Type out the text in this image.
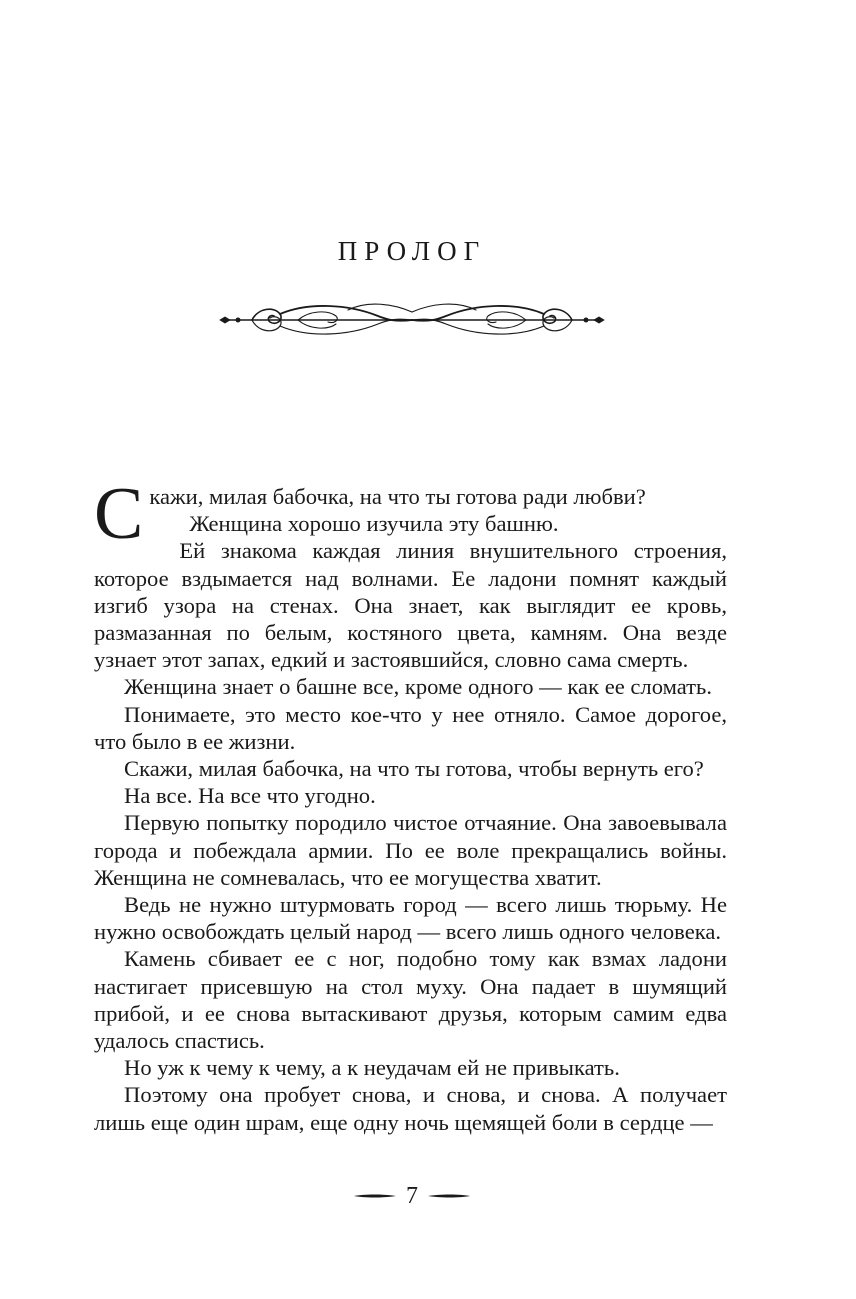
ПРОЛОГ

Скажи, милая бабочка, на что ты готова ради любви?
Женщина хорошо изучила эту башню.

Ей знакома каждая линия внушительного строения, которое вздымается над волнами. Ее ладони помнят каждый изгиб узора на стенах. Она знает, как выглядит ее кровь, размазанная по белым, костяного цвета, камням. Она везде узнает этот запах, едкий и застоявшийся, словно сама смерть.

Женщина знает о башне все, кроме одного — как ее сломать.

Понимаете, это место кое-что у нее отняло. Самое дорогое, что было в ее жизни.

Скажи, милая бабочка, на что ты готова, чтобы вернуть его?

На все. На все что угодно.

Первую попытку породило чистое отчаяние. Она завоевывала города и побеждала армии. По ее воле прекращались войны. Женщина не сомневалась, что ее могущества хватит.

Ведь не нужно штурмовать город — всего лишь тюрьму. Не нужно освобождать целый народ — всего лишь одного человека.

Камень сбивает ее с ног, подобно тому как взмах ладони настигает присевшую на стол муху. Она падает в шумящий прибой, и ее снова вытаскивают друзья, которым самим едва удалось спастись.

Но уж к чему к чему, а к неудачам ей не привыкать.

Поэтому она пробует снова, и снова, и снова. А получает лишь еще один шрам, еще одну ночь щемящей боли в сердце —

7
